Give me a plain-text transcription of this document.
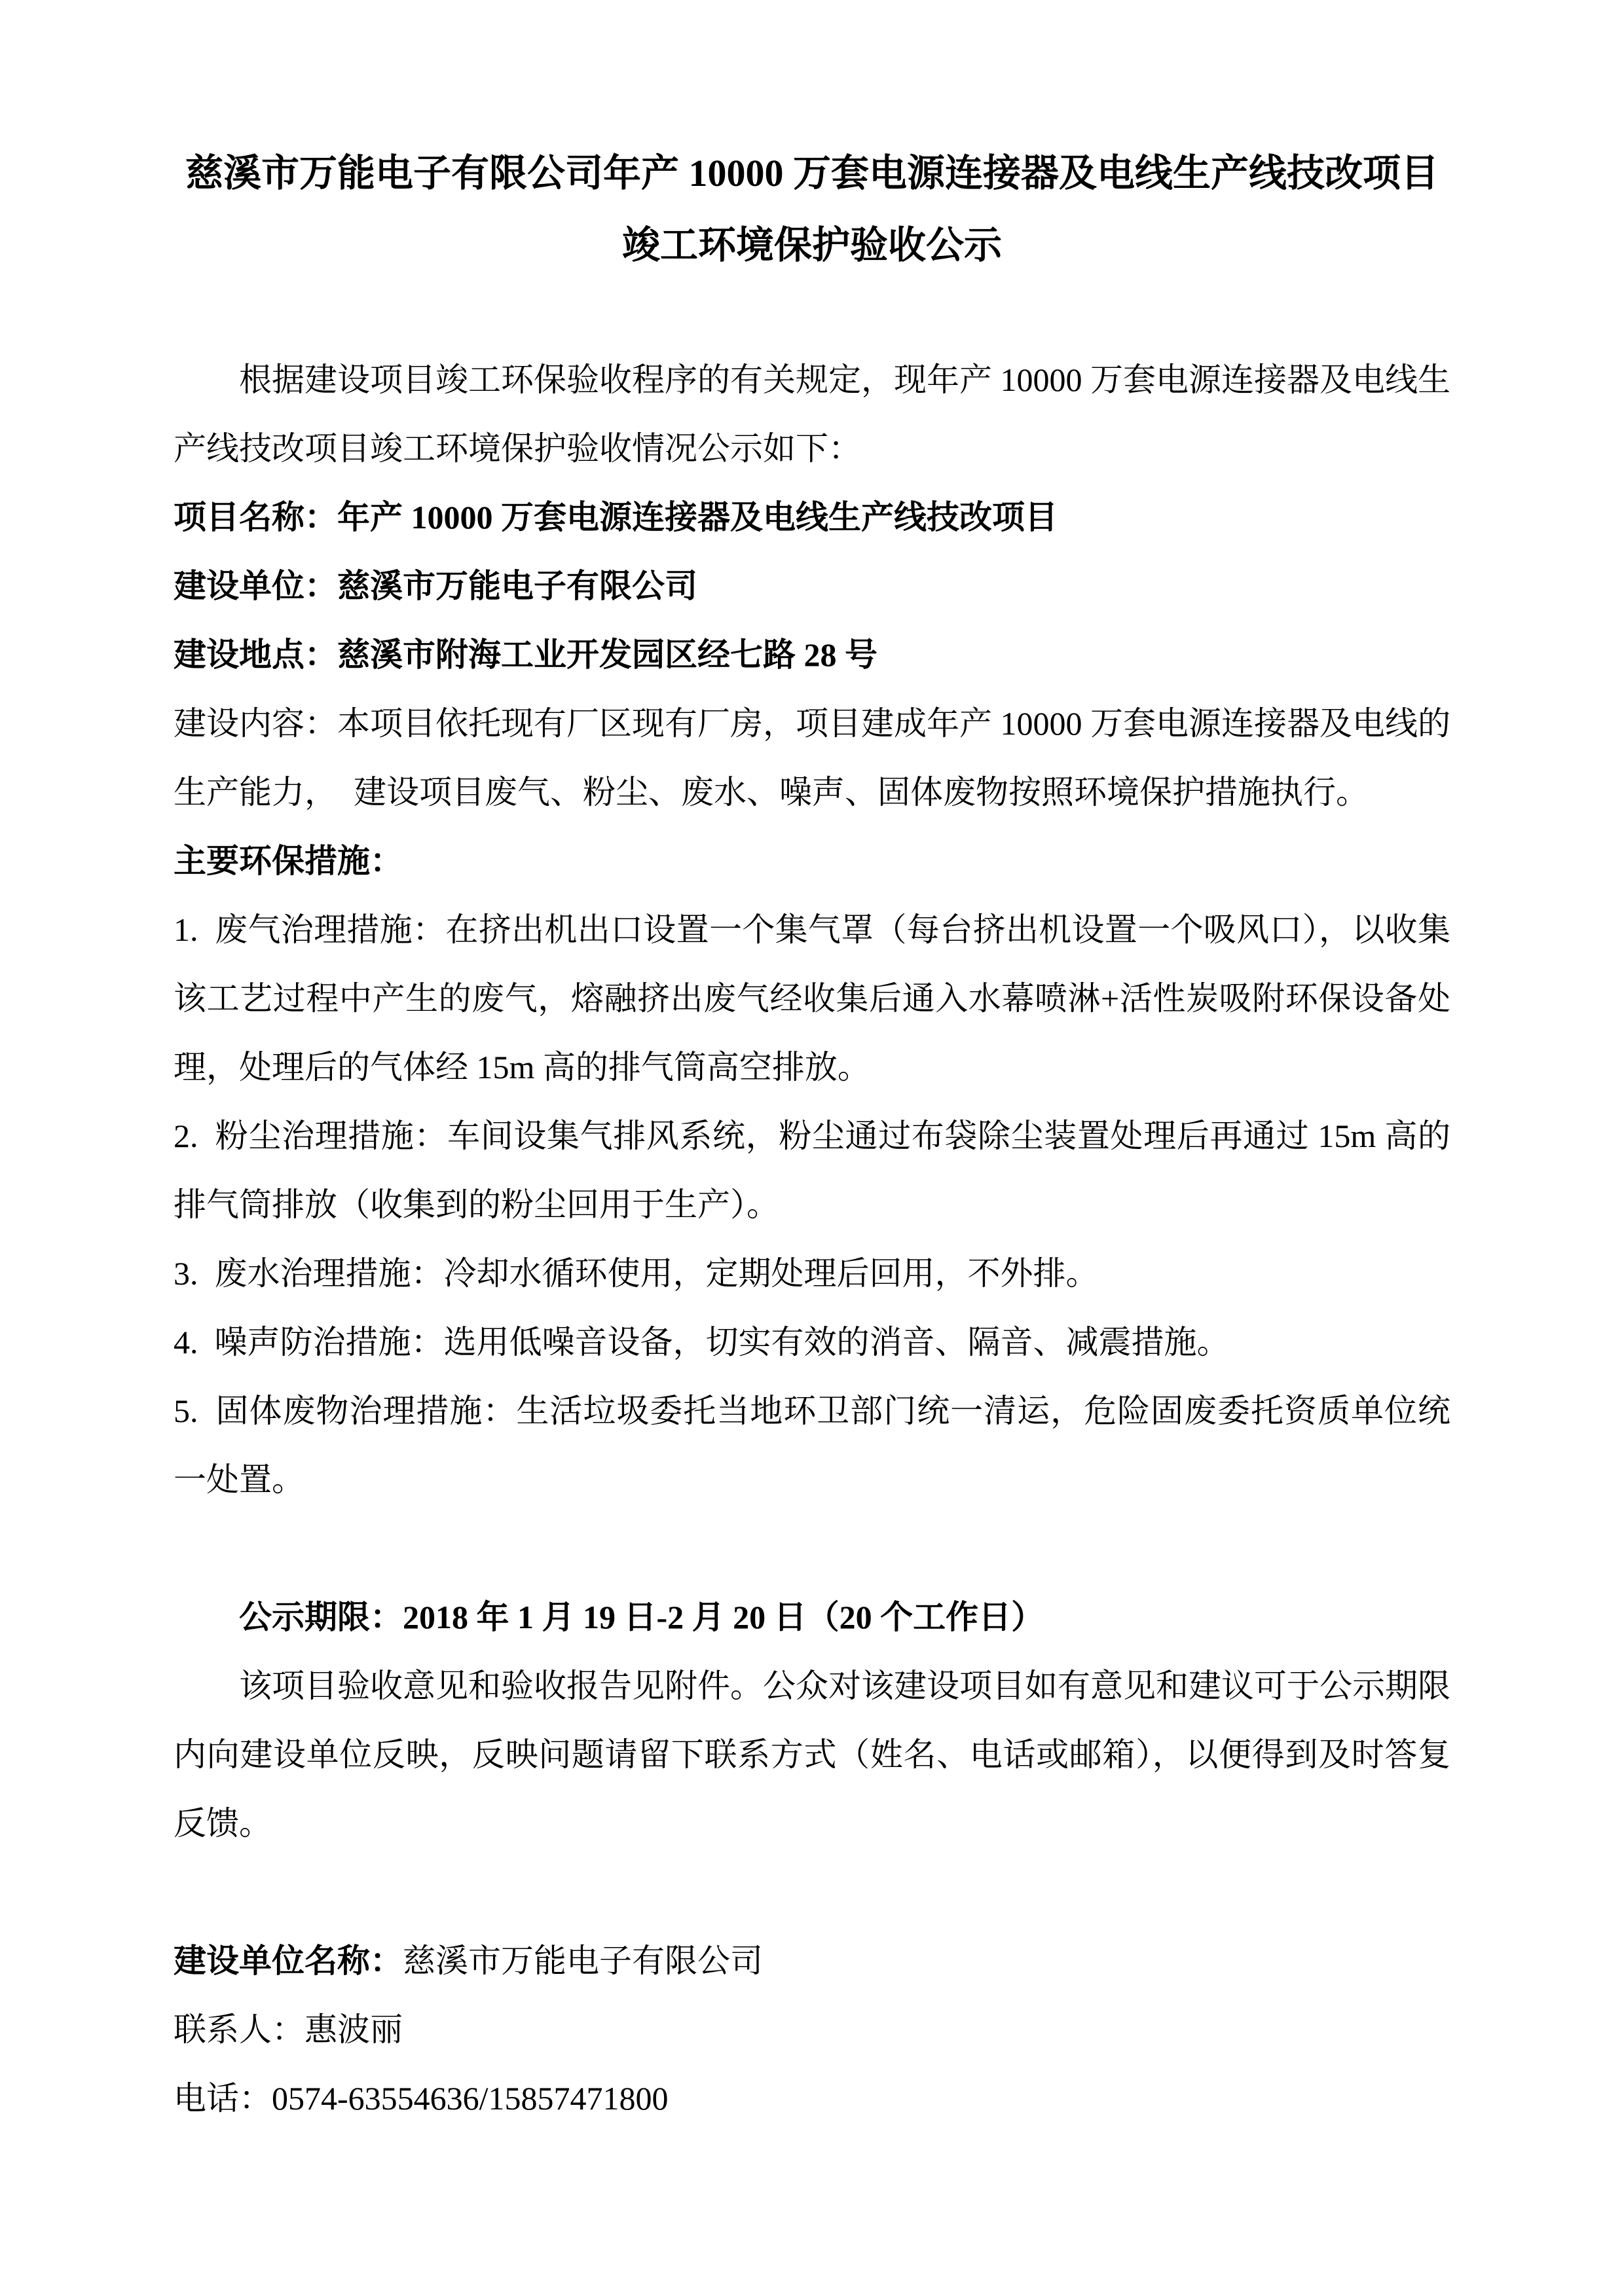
慈溪市万能电子有限公司年产 10000 万套电源连接器及电线生产线技改项目
竣工环境保护验收公示

根据建设项目竣工环保验收程序的有关规定，现年产 10000 万套电源连接器及电线生产线技改项目竣工环境保护验收情况公示如下：

项目名称：年产 10000 万套电源连接器及电线生产线技改项目

建设单位：慈溪市万能电子有限公司

建设地点：慈溪市附海工业开发园区经七路 28 号

建设内容：本项目依托现有厂区现有厂房，项目建成年产 10000 万套电源连接器及电线的生产能力，　建设项目废气、粉尘、废水、噪声、固体废物按照环境保护措施执行。

主要环保措施：

1.  废气治理措施：在挤出机出口设置一个集气罩（每台挤出机设置一个吸风口），以收集该工艺过程中产生的废气，熔融挤出废气经收集后通入水幕喷淋+活性炭吸附环保设备处理，处理后的气体经 15m 高的排气筒高空排放。

2.  粉尘治理措施：车间设集气排风系统，粉尘通过布袋除尘装置处理后再通过 15m 高的排气筒排放（收集到的粉尘回用于生产）。

3.  废水治理措施：冷却水循环使用，定期处理后回用，不外排。

4.  噪声防治措施：选用低噪音设备，切实有效的消音、隔音、减震措施。

5.  固体废物治理措施：生活垃圾委托当地环卫部门统一清运，危险固废委托资质单位统一处置。

公示期限：2018 年 1 月 19 日-2 月 20 日（20 个工作日）

该项目验收意见和验收报告见附件。公众对该建设项目如有意见和建议可于公示期限内向建设单位反映，反映问题请留下联系方式（姓名、电话或邮箱），以便得到及时答复反馈。

建设单位名称：慈溪市万能电子有限公司

联系人：惠波丽

电话：0574-63554636/15857471800
